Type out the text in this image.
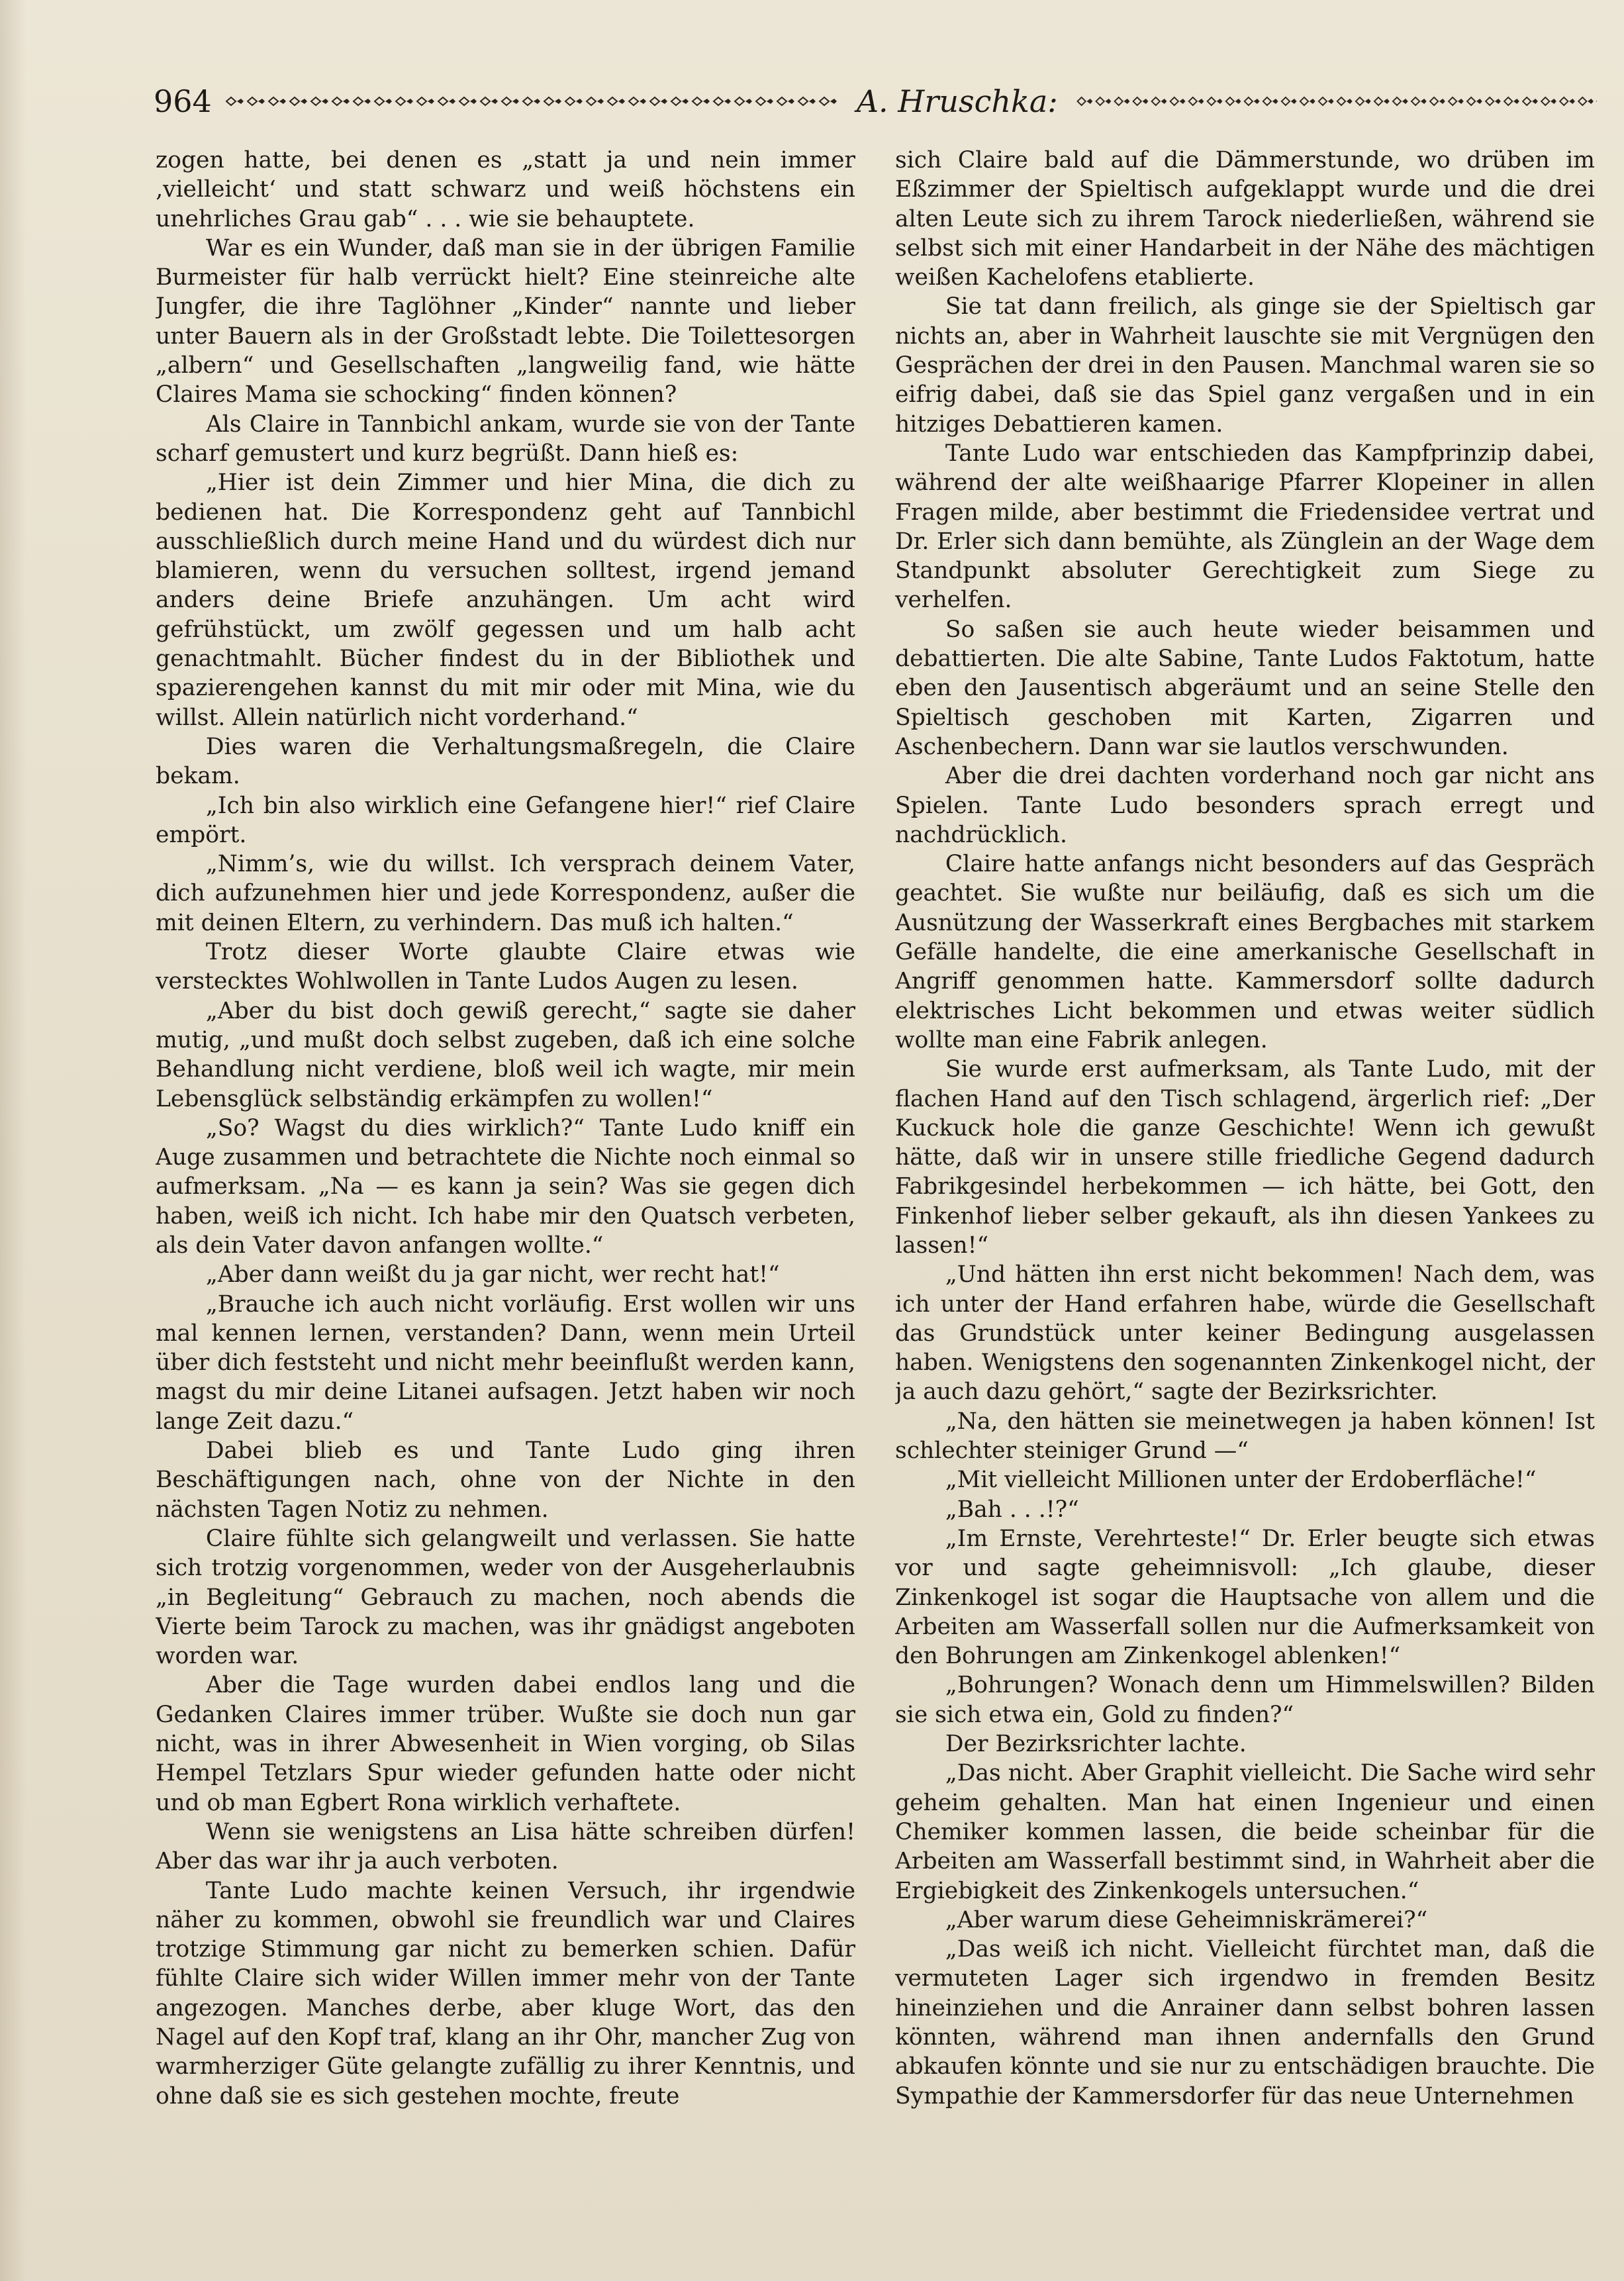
964	A. Hruschka:

zogen hatte, bei denen es „statt ja und nein immer ‚vielleicht‘ und statt schwarz und weiß höchstens ein unehrliches Grau gab“ . . . wie sie behauptete.

War es ein Wunder, daß man sie in der übrigen Familie Burmeister für halb verrückt hielt? Eine steinreiche alte Jungfer, die ihre Taglöhner „Kinder“ nannte und lieber unter Bauern als in der Großstadt lebte. Die Toilettesorgen „albern“ und Gesellschaften „langweilig fand, wie hätte Claires Mama sie schocking“ finden können?

Als Claire in Tannbichl ankam, wurde sie von der Tante scharf gemustert und kurz begrüßt. Dann hieß es:

„Hier ist dein Zimmer und hier Mina, die dich zu bedienen hat. Die Korrespondenz geht auf Tannbichl ausschließlich durch meine Hand und du würdest dich nur blamieren, wenn du versuchen solltest, irgend jemand anders deine Briefe anzuhängen. Um acht wird gefrühstückt, um zwölf gegessen und um halb acht genachtmahlt. Bücher findest du in der Bibliothek und spazierengehen kannst du mit mir oder mit Mina, wie du willst. Allein natürlich nicht vorderhand.“

Dies waren die Verhaltungsmaßregeln, die Claire bekam.

„Ich bin also wirklich eine Gefangene hier!“ rief Claire empört.

„Nimm’s, wie du willst. Ich versprach deinem Vater, dich aufzunehmen hier und jede Korrespondenz, außer die mit deinen Eltern, zu verhindern. Das muß ich halten.“

Trotz dieser Worte glaubte Claire etwas wie verstecktes Wohlwollen in Tante Ludos Augen zu lesen.

„Aber du bist doch gewiß gerecht,“ sagte sie daher mutig, „und mußt doch selbst zugeben, daß ich eine solche Behandlung nicht verdiene, bloß weil ich wagte, mir mein Lebensglück selbständig erkämpfen zu wollen!“

„So? Wagst du dies wirklich?“ Tante Ludo kniff ein Auge zusammen und betrachtete die Nichte noch einmal so aufmerksam. „Na — es kann ja sein? Was sie gegen dich haben, weiß ich nicht. Ich habe mir den Quatsch verbeten, als dein Vater davon anfangen wollte.“

„Aber dann weißt du ja gar nicht, wer recht hat!“

„Brauche ich auch nicht vorläufig. Erst wollen wir uns mal kennen lernen, verstanden? Dann, wenn mein Urteil über dich feststeht und nicht mehr beeinflußt werden kann, magst du mir deine Litanei aufsagen. Jetzt haben wir noch lange Zeit dazu.“

Dabei blieb es und Tante Ludo ging ihren Beschäftigungen nach, ohne von der Nichte in den nächsten Tagen Notiz zu nehmen.

Claire fühlte sich gelangweilt und verlassen. Sie hatte sich trotzig vorgenommen, weder von der Ausgeherlaubnis „in Begleitung“ Gebrauch zu machen, noch abends die Vierte beim Tarock zu machen, was ihr gnädigst angeboten worden war.

Aber die Tage wurden dabei endlos lang und die Gedanken Claires immer trüber. Wußte sie doch nun gar nicht, was in ihrer Abwesenheit in Wien vorging, ob Silas Hempel Tetzlars Spur wieder gefunden hatte oder nicht und ob man Egbert Rona wirklich verhaftete.

Wenn sie wenigstens an Lisa hätte schreiben dürfen! Aber das war ihr ja auch verboten.

Tante Ludo machte keinen Versuch, ihr irgendwie näher zu kommen, obwohl sie freundlich war und Claires trotzige Stimmung gar nicht zu bemerken schien. Dafür fühlte Claire sich wider Willen immer mehr von der Tante angezogen. Manches derbe, aber kluge Wort, das den Nagel auf den Kopf traf, klang an ihr Ohr, mancher Zug von warmherziger Güte gelangte zufällig zu ihrer Kenntnis, und ohne daß sie es sich gestehen mochte, freute

sich Claire bald auf die Dämmerstunde, wo drüben im Eßzimmer der Spieltisch aufgeklappt wurde und die drei alten Leute sich zu ihrem Tarock niederließen, während sie selbst sich mit einer Handarbeit in der Nähe des mächtigen weißen Kachelofens etablierte.

Sie tat dann freilich, als ginge sie der Spieltisch gar nichts an, aber in Wahrheit lauschte sie mit Vergnügen den Gesprächen der drei in den Pausen. Manchmal waren sie so eifrig dabei, daß sie das Spiel ganz vergaßen und in ein hitziges Debattieren kamen.

Tante Ludo war entschieden das Kampfprinzip dabei, während der alte weißhaarige Pfarrer Klopeiner in allen Fragen milde, aber bestimmt die Friedensidee vertrat und Dr. Erler sich dann bemühte, als Zünglein an der Wage dem Standpunkt absoluter Gerechtigkeit zum Siege zu verhelfen.

So saßen sie auch heute wieder beisammen und debattierten. Die alte Sabine, Tante Ludos Faktotum, hatte eben den Jausentisch abgeräumt und an seine Stelle den Spieltisch geschoben mit Karten, Zigarren und Aschenbechern. Dann war sie lautlos verschwunden.

Aber die drei dachten vorderhand noch gar nicht ans Spielen. Tante Ludo besonders sprach erregt und nachdrücklich.

Claire hatte anfangs nicht besonders auf das Gespräch geachtet. Sie wußte nur beiläufig, daß es sich um die Ausnützung der Wasserkraft eines Bergbaches mit starkem Gefälle handelte, die eine amerkanische Gesellschaft in Angriff genommen hatte. Kammersdorf sollte dadurch elektrisches Licht bekommen und etwas weiter südlich wollte man eine Fabrik anlegen.

Sie wurde erst aufmerksam, als Tante Ludo, mit der flachen Hand auf den Tisch schlagend, ärgerlich rief: „Der Kuckuck hole die ganze Geschichte! Wenn ich gewußt hätte, daß wir in unsere stille friedliche Gegend dadurch Fabrikgesindel herbekommen — ich hätte, bei Gott, den Finkenhof lieber selber gekauft, als ihn diesen Yankees zu lassen!“

„Und hätten ihn erst nicht bekommen! Nach dem, was ich unter der Hand erfahren habe, würde die Gesellschaft das Grundstück unter keiner Bedingung ausgelassen haben. Wenigstens den sogenannten Zinkenkogel nicht, der ja auch dazu gehört,“ sagte der Bezirksrichter.

„Na, den hätten sie meinetwegen ja haben können! Ist schlechter steiniger Grund —“

„Mit vielleicht Millionen unter der Erdoberfläche!“

„Bah . . .!?“

„Im Ernste, Verehrteste!“ Dr. Erler beugte sich etwas vor und sagte geheimnisvoll: „Ich glaube, dieser Zinkenkogel ist sogar die Hauptsache von allem und die Arbeiten am Wasserfall sollen nur die Aufmerksamkeit von den Bohrungen am Zinkenkogel ablenken!“

„Bohrungen? Wonach denn um Himmelswillen? Bilden sie sich etwa ein, Gold zu finden?“

Der Bezirksrichter lachte.

„Das nicht. Aber Graphit vielleicht. Die Sache wird sehr geheim gehalten. Man hat einen Ingenieur und einen Chemiker kommen lassen, die beide scheinbar für die Arbeiten am Wasserfall bestimmt sind, in Wahrheit aber die Ergiebigkeit des Zinkenkogels untersuchen.“

„Aber warum diese Geheimniskrämerei?“

„Das weiß ich nicht. Vielleicht fürchtet man, daß die vermuteten Lager sich irgendwo in fremden Besitz hineinziehen und die Anrainer dann selbst bohren lassen könnten, während man ihnen andernfalls den Grund abkaufen könnte und sie nur zu entschädigen brauchte. Die Sympathie der Kammersdorfer für das neue Unternehmen
